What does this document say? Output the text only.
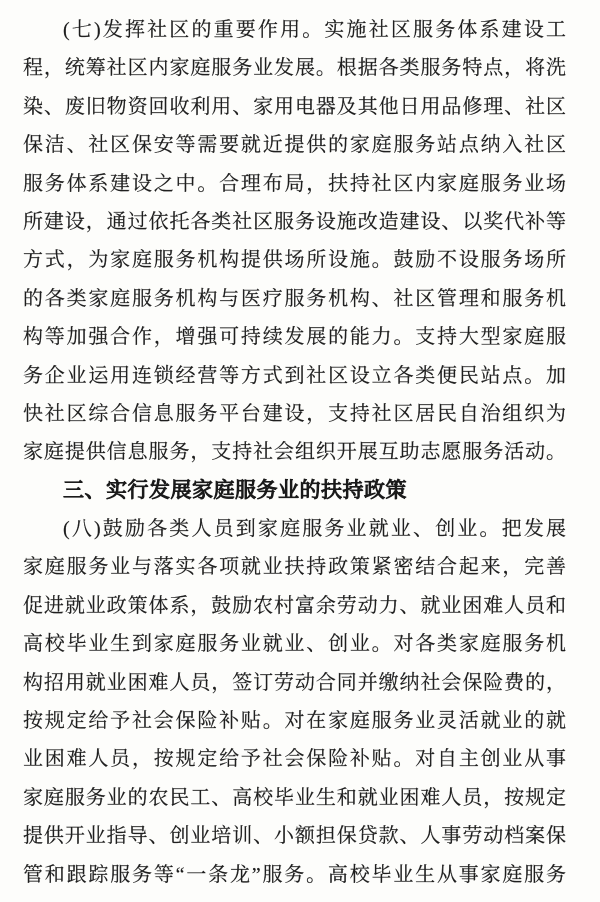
(七)发挥社区的重要作用。实施社区服务体系建设工
程，统筹社区内家庭服务业发展。根据各类服务特点，将洗
染、废旧物资回收利用、家用电器及其他日用品修理、社区
保洁、社区保安等需要就近提供的家庭服务站点纳入社区
服务体系建设之中。合理布局，扶持社区内家庭服务业场
所建设，通过依托各类社区服务设施改造建设、以奖代补等
方式，为家庭服务机构提供场所设施。鼓励不设服务场所
的各类家庭服务机构与医疗服务机构、社区管理和服务机
构等加强合作，增强可持续发展的能力。支持大型家庭服
务企业运用连锁经营等方式到社区设立各类便民站点。加
快社区综合信息服务平台建设，支持社区居民自治组织为
家庭提供信息服务，支持社会组织开展互助志愿服务活动。
三、实行发展家庭服务业的扶持政策
(八)鼓励各类人员到家庭服务业就业、创业。把发展
家庭服务业与落实各项就业扶持政策紧密结合起来，完善
促进就业政策体系，鼓励农村富余劳动力、就业困难人员和
高校毕业生到家庭服务业就业、创业。对各类家庭服务机
构招用就业困难人员，签订劳动合同并缴纳社会保险费的，
按规定给予社会保险补贴。对在家庭服务业灵活就业的就
业困难人员，按规定给予社会保险补贴。对自主创业从事
家庭服务业的农民工、高校毕业生和就业困难人员，按规定
提供开业指导、创业培训、小额担保贷款、人事劳动档案保
管和跟踪服务等“一条龙”服务。高校毕业生从事家庭服务
